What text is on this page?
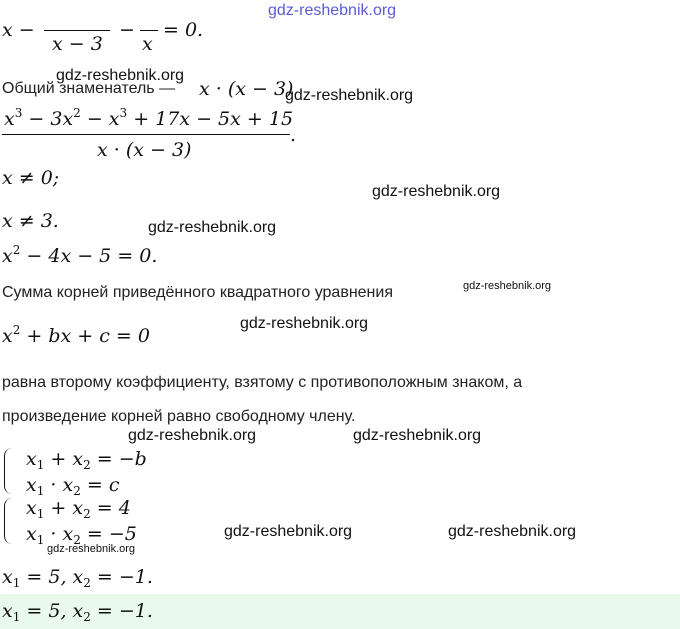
gdz-reshebnik.org
x −
x − 3
−
x
= 0.
Общий знаменатель — x · (x − 3)
$x^3 - 3x^2 - x^3 + 17x - 5x + 15$
x · (x − 3)
.
x ≠ 0;
x ≠ 3.
$x^2 - 4x - 5 = 0$.
Сумма корней приведённого квадратного уравнения
$x^2$ + bx + c = 0
равна второму коэффициенту, взятому с противоположным знаком, а
произведение корней равно свободному члену.
$x_1 + x_2 = -b$
$x_1 \cdot x_2 = c$
$x_1 + x_2 = 4$
$x_1 \cdot x_2 = -5$
$x_1 = 5$, $x_2 = -1$.
$x_1 = 5$, $x_2 = -1$.
gdz-reshebnik.org
gdz-reshebnik.org
gdz-reshebnik.org
gdz-reshebnik.org
gdz-reshebnik.org
gdz-reshebnik.org
gdz-reshebnik.org	gdz-reshebnik.org
gdz-reshebnik.org	gdz-reshebnik.org
gdz-reshebnik.org
